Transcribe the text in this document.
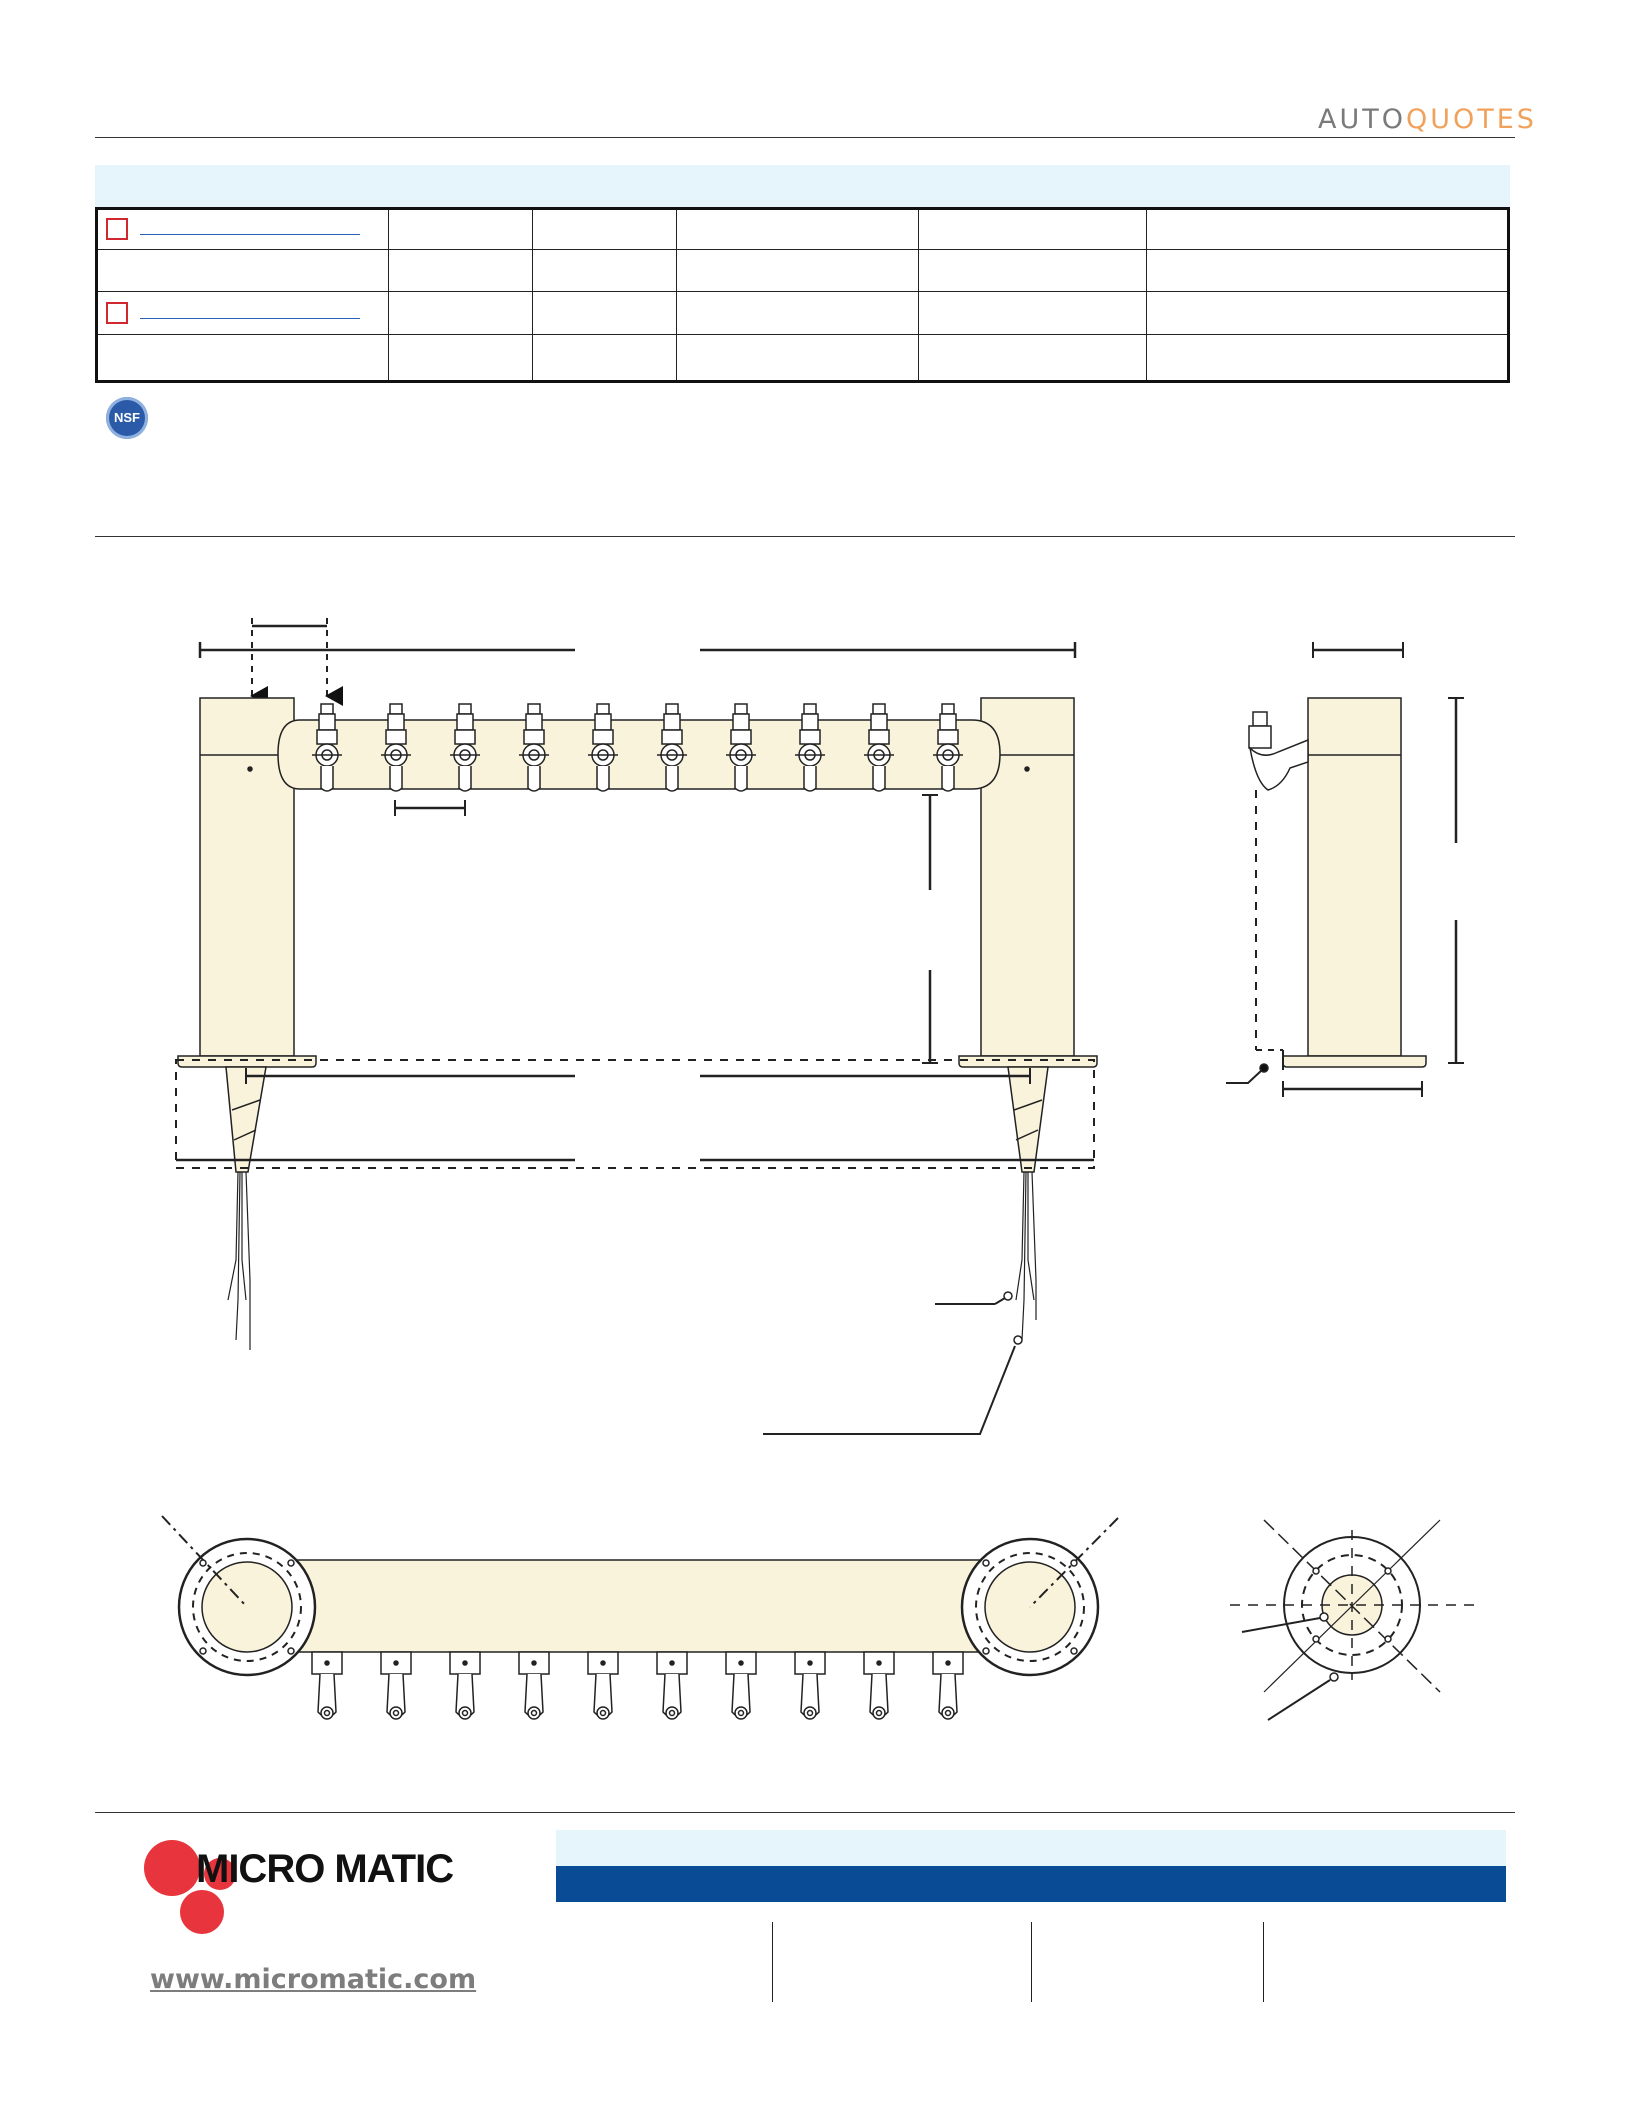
AUTOQUOTES

NSF
MICRO MATIC
www.micromatic.com
